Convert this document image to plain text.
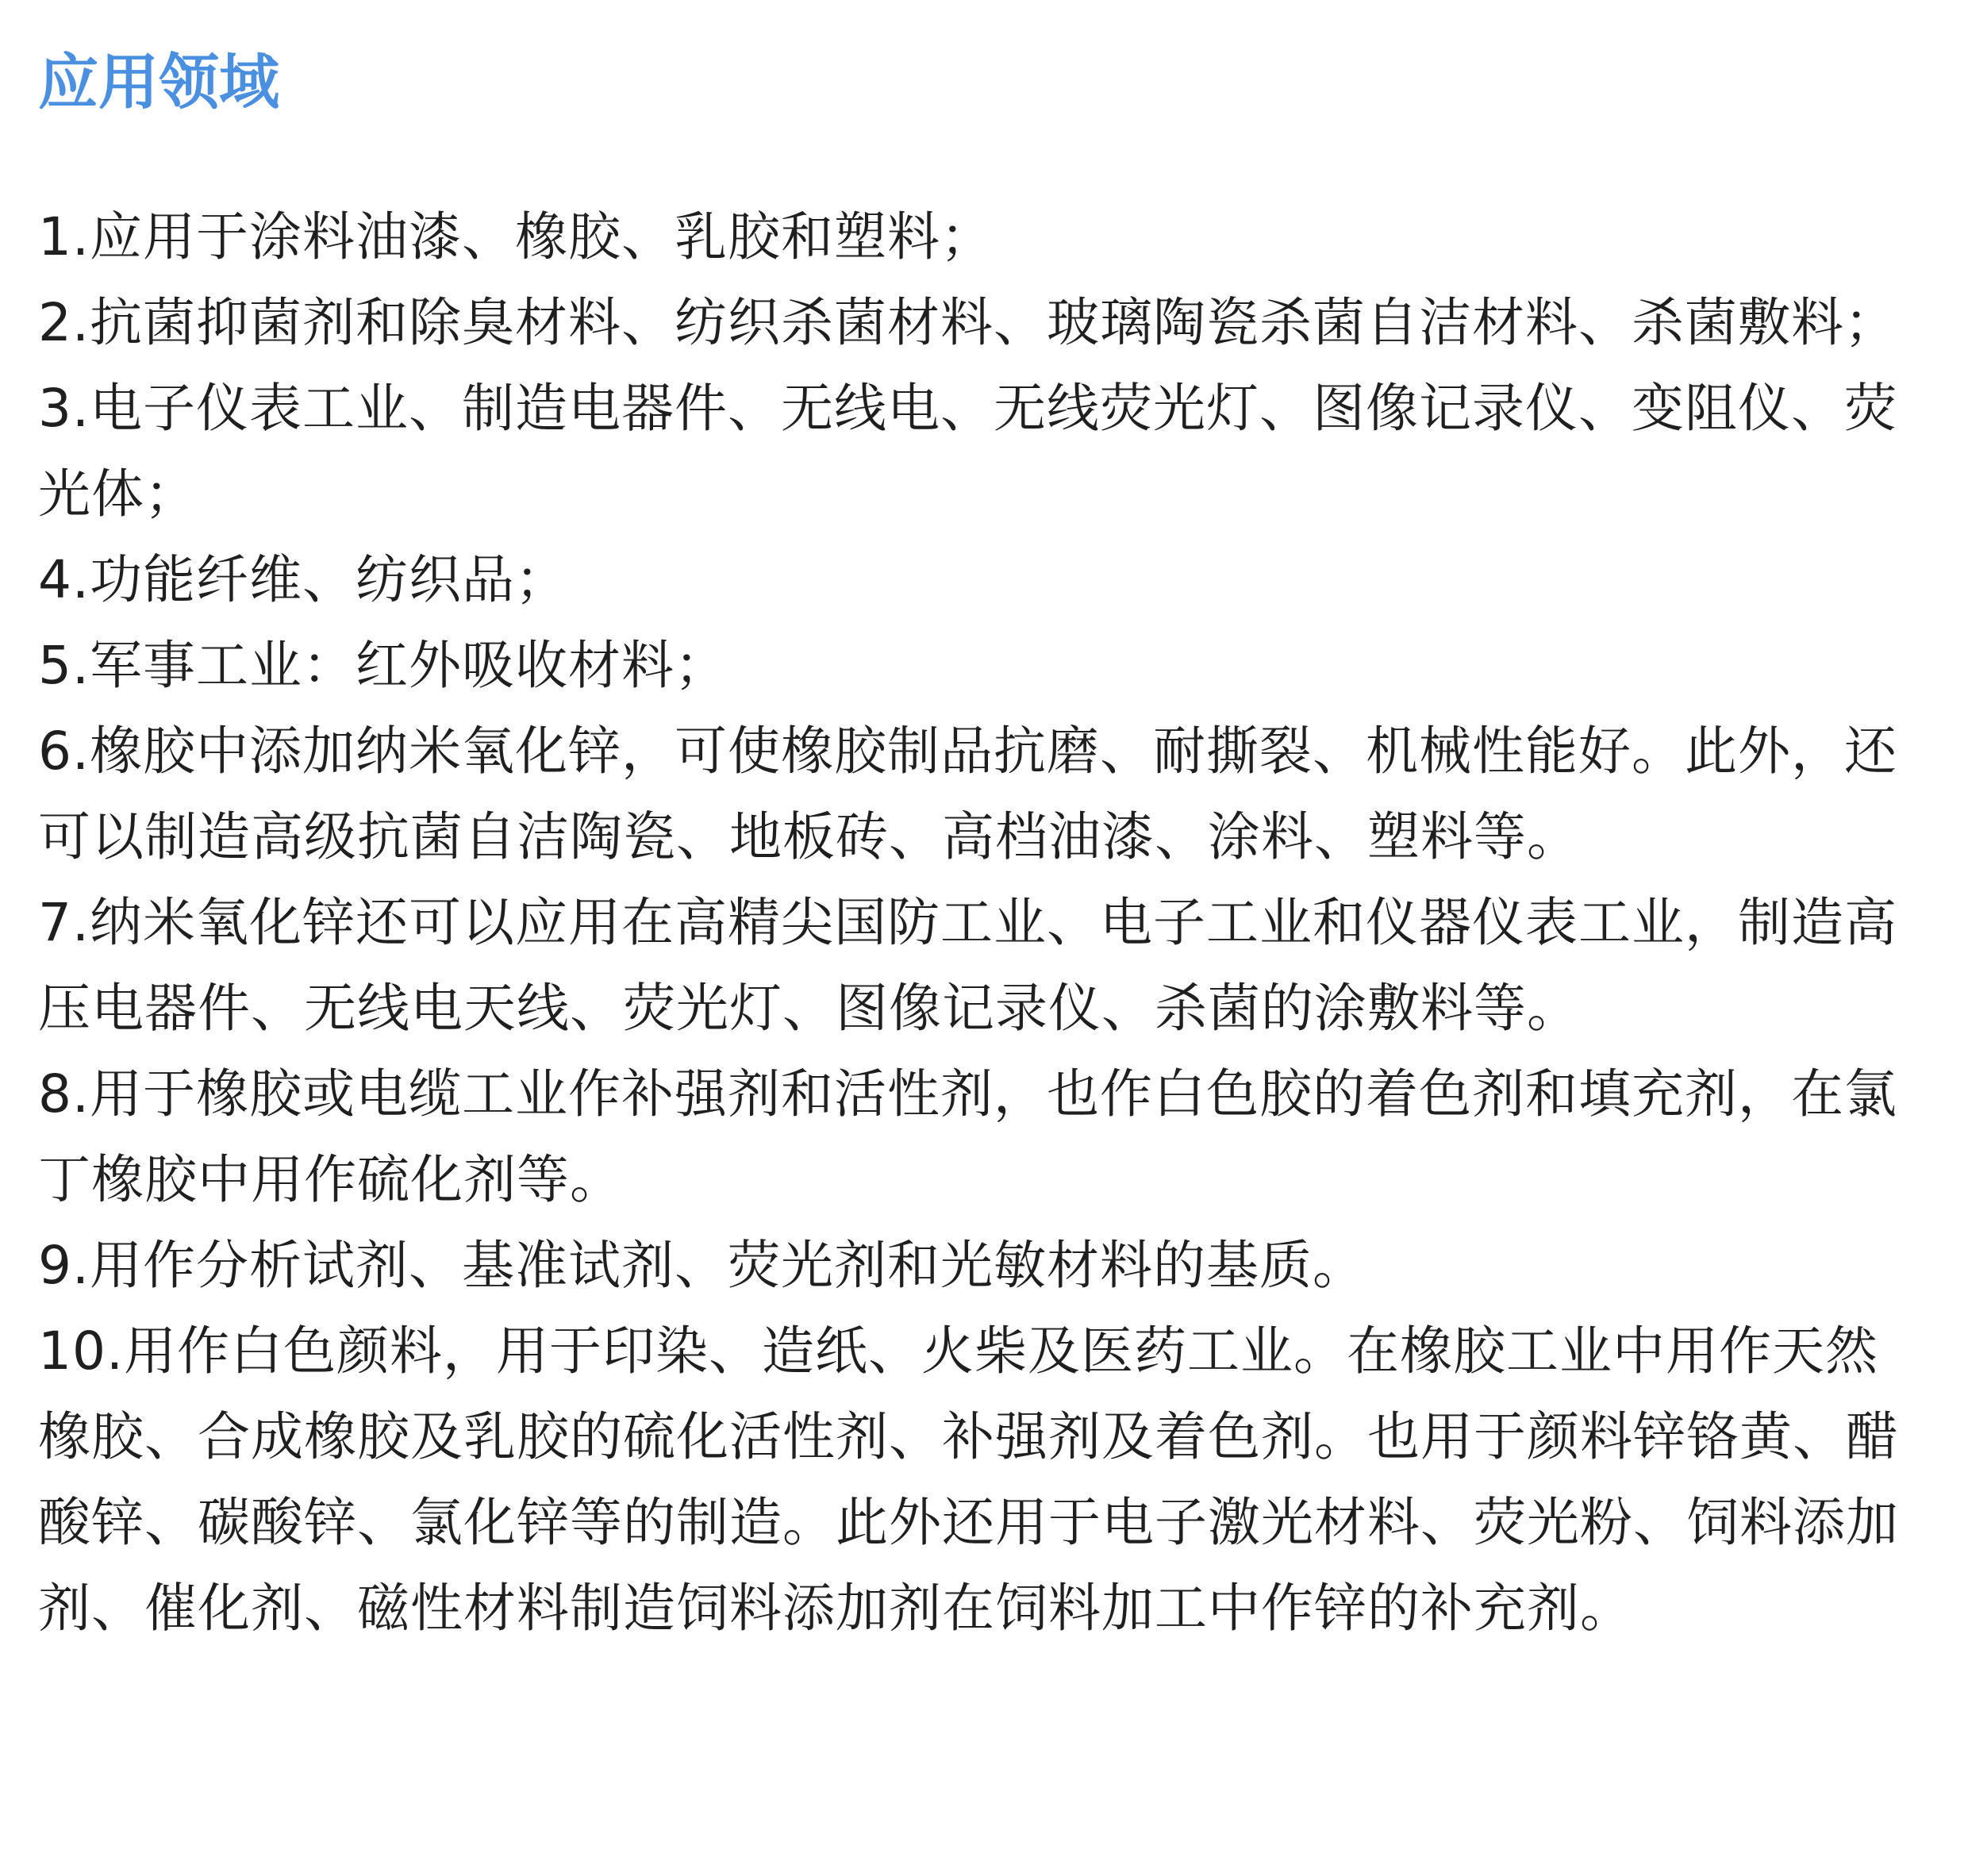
应用领域
1.应用于涂料油漆、橡胶、乳胶和塑料；
2.抗菌抑菌剂和除臭材料、纺织杀菌材料、玻璃陶瓷杀菌自洁材料、杀菌敷料；
3.电子仪表工业、制造电器件、无线电、无线荧光灯、图像记录仪、变阻仪、荧光体；
4.功能纤维、纺织品；
5.军事工业：红外吸收材料；
6.橡胶中添加纳米氧化锌，可使橡胶制品抗磨、耐撕裂、机械性能好。此外，还可以制造高级抗菌自洁陶瓷、地板砖、高档油漆、涂料、塑料等。
7.纳米氧化锌还可以应用在高精尖国防工业、电子工业和仪器仪表工业，制造高压电器件、无线电天线、荧光灯、图像记录仪、杀菌的涂敷料等。
8.用于橡胶或电缆工业作补强剂和活性剂，也作白色胶的着色剂和填充剂，在氯丁橡胶中用作硫化剂等。
9.用作分析试剂、基准试剂、荧光剂和光敏材料的基质。
10.用作白色颜料，用于印染、造纸、火柴及医药工业。在橡胶工业中用作天然橡胶、合成橡胶及乳胶的硫化活性剂、补强剂及着色剂。也用于颜料锌铬黄、醋酸锌、碳酸锌、氯化锌等的制造。此外还用于电子激光材料、荧光粉、饲料添加剂、催化剂、磁性材料制造饲料添加剂在饲料加工中作锌的补充剂。
